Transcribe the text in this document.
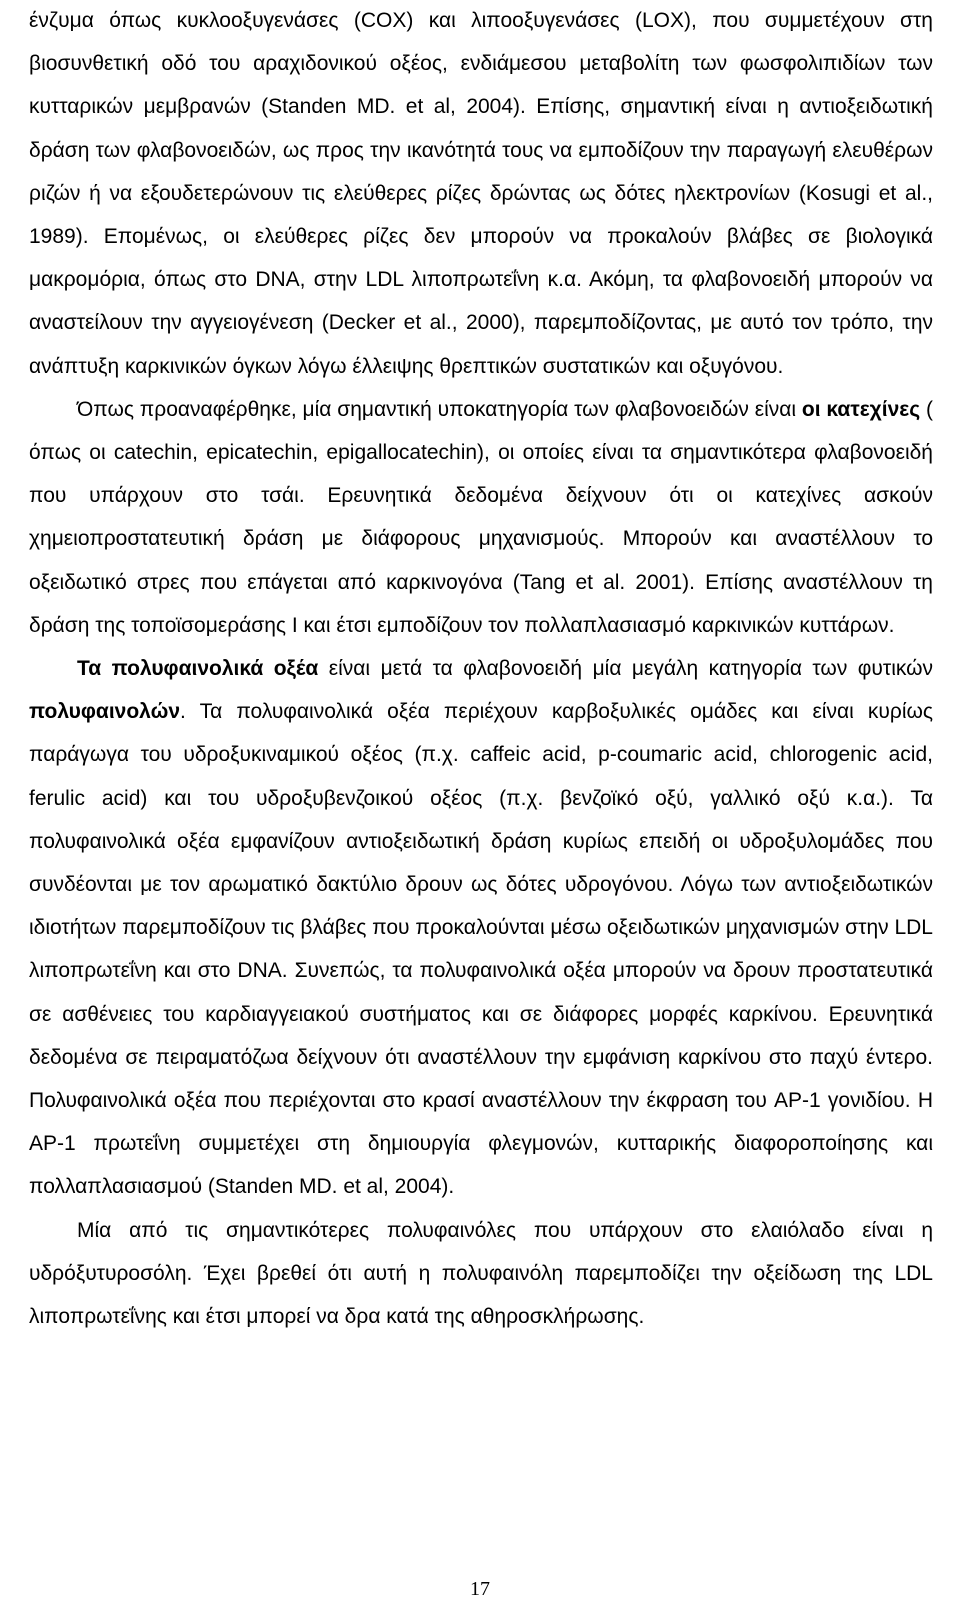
ένζυμα όπως κυκλοοξυγενάσες (COX) και λιποοξυγενάσες (LOX), που συμμετέχουν στη βιοσυνθετική οδό του αραχιδονικού οξέος, ενδιάμεσου μεταβολίτη των φωσφολιπιδίων των κυτταρικών μεμβρανών (Standen MD. et al, 2004). Επίσης, σημαντική είναι η αντιοξειδωτική δράση των φλαβονοειδών, ως προς την ικανότητά τους να εμποδίζουν την παραγωγή ελευθέρων ριζών ή να εξουδετερώνουν τις ελεύθερες ρίζες δρώντας ως δότες ηλεκτρονίων (Kosugi et al., 1989). Επομένως, οι ελεύθερες ρίζες δεν μπορούν να προκαλούν βλάβες σε βιολογικά μακρομόρια, όπως στο DNA, στην LDL λιποπρωτεΐνη κ.α. Ακόμη, τα φλαβονοειδή μπορούν να αναστείλουν την αγγειογένεση (Decker et al., 2000), παρεμποδίζοντας, με αυτό τον τρόπο, την ανάπτυξη καρκινικών όγκων λόγω έλλειψης θρεπτικών συστατικών και οξυγόνου.

Όπως προαναφέρθηκε, μία σημαντική υποκατηγορία των φλαβονοειδών είναι οι κατεχίνες ( όπως οι catechin, epicatechin, epigallocatechin), οι οποίες είναι τα σημαντικότερα φλαβονοειδή που υπάρχουν στο τσάι. Ερευνητικά δεδομένα δείχνουν ότι οι κατεχίνες ασκούν χημειοπροστατευτική δράση με διάφορους μηχανισμούς. Μπορούν και αναστέλλουν το οξειδωτικό στρες που επάγεται από καρκινογόνα (Tang et al. 2001). Επίσης αναστέλλουν τη δράση της τοποϊσομεράσης Ι και έτσι εμποδίζουν τον πολλαπλασιασμό καρκινικών κυττάρων.

Τα πολυφαινολικά οξέα είναι μετά τα φλαβονοειδή μία μεγάλη κατηγορία των φυτικών πολυφαινολών. Τα πολυφαινολικά οξέα περιέχουν καρβοξυλικές ομάδες και είναι κυρίως παράγωγα του υδροξυκιναμικού οξέος (π.χ. caffeic acid, p-coumaric acid, chlorogenic acid, ferulic acid) και του υδροξυβενζοικού οξέος (π.χ. βενζοϊκό οξύ, γαλλικό οξύ κ.α.). Τα πολυφαινολικά οξέα εμφανίζουν αντιοξειδωτική δράση κυρίως επειδή οι υδροξυλομάδες που συνδέονται με τον αρωματικό δακτύλιο δρουν ως δότες υδρογόνου. Λόγω των αντιοξειδωτικών ιδιοτήτων παρεμποδίζουν τις βλάβες που προκαλούνται μέσω οξειδωτικών μηχανισμών στην LDL λιποπρωτεΐνη και στο DNA. Συνεπώς, τα πολυφαινολικά οξέα μπορούν να δρουν προστατευτικά σε ασθένειες του καρδιαγγειακού συστήματος και σε διάφορες μορφές καρκίνου. Ερευνητικά δεδομένα σε πειραματόζωα δείχνουν ότι αναστέλλουν την εμφάνιση καρκίνου στο παχύ έντερο. Πολυφαινολικά οξέα που περιέχονται στο κρασί αναστέλλουν την έκφραση του AP-1 γονιδίου. Η AP-1 πρωτεΐνη συμμετέχει στη δημιουργία φλεγμονών, κυτταρικής διαφοροποίησης και πολλαπλασιασμού (Standen MD. et al, 2004).

Μία από τις σημαντικότερες πολυφαινόλες που υπάρχουν στο ελαιόλαδο είναι η υδρόξυτυροσόλη. Έχει βρεθεί ότι αυτή η πολυφαινόλη παρεμποδίζει την οξείδωση της LDL λιποπρωτεΐνης και έτσι μπορεί να δρα κατά της αθηροσκλήρωσης.

17
